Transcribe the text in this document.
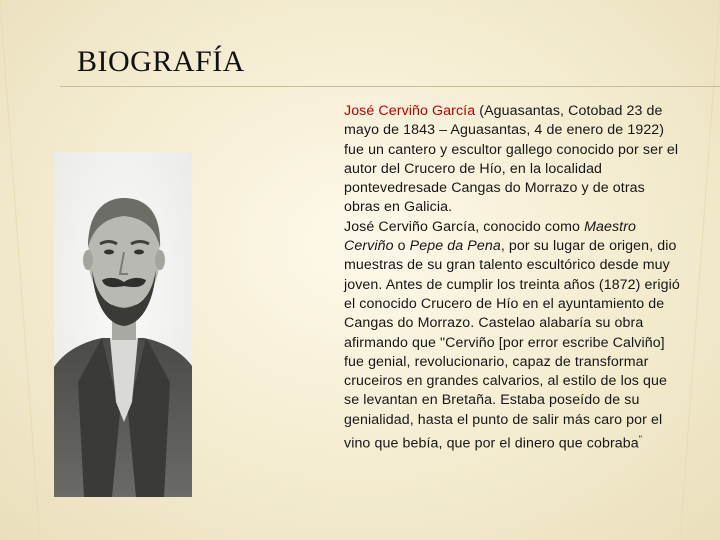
BIOGRAFÍA

José Cerviño García (Aguasantas, Cotobad 23 de mayo de 1843 – Aguasantas, 4 de enero de 1922) fue un cantero y escultor gallego conocido por ser el autor del Crucero de Hío, en la localidad pontevedresade Cangas do Morrazo y de otras obras en Galicia.

José Cerviño García, conocido como Maestro Cerviño o Pepe da Pena, por su lugar de origen, dio muestras de su gran talento escultórico desde muy joven. Antes de cumplir los treinta años (1872) erigió el conocido Crucero de Hío en el ayuntamiento de Cangas do Morrazo. Castelao alabaría su obra afirmando que "Cerviño [por error escribe Calviño] fue genial, revolucionario, capaz de transformar cruceiros en grandes calvarios, al estilo de los que se levantan en Bretaña. Estaba poseído de su genialidad, hasta el punto de salir más caro por el vino que bebía, que por el dinero que cobraba"
